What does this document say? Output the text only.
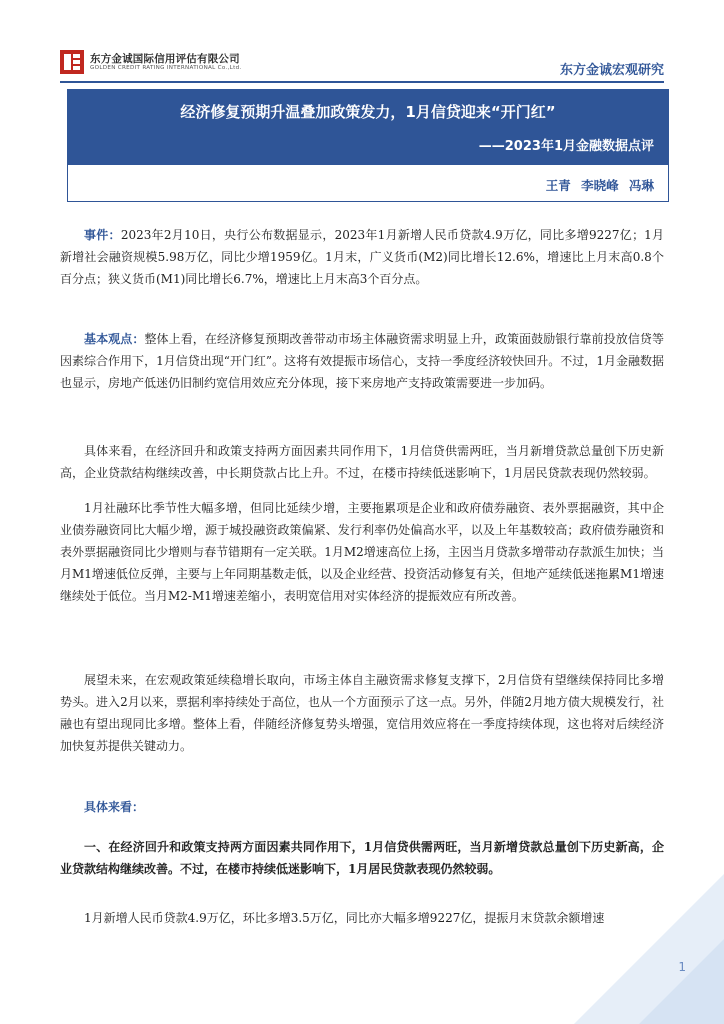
东方金诚国际信用评估有限公司
GOLDEN CREDIT RATING INTERNATIONAL Co.,Ltd.	东方金诚宏观研究
经济修复预期升温叠加政策发力，1月信贷迎来“开门红”
——2023年1月金融数据点评
王青 李晓峰 冯琳

事件：2023年2月10日，央行公布数据显示，2023年1月新增人民币贷款4.9万亿，同比多增9227亿；1月新增社会融资规模5.98万亿，同比少增1959亿。1月末，广义货币(M2)同比增长12.6%，增速比上月末高0.8个百分点；狭义货币(M1)同比增长6.7%，增速比上月末高3个百分点。

基本观点：整体上看，在经济修复预期改善带动市场主体融资需求明显上升，政策面鼓励银行靠前投放信贷等因素综合作用下，1月信贷出现“开门红”。这将有效提振市场信心，支持一季度经济较快回升。不过，1月金融数据也显示，房地产低迷仍旧制约宽信用效应充分体现，接下来房地产支持政策需要进一步加码。

具体来看，在经济回升和政策支持两方面因素共同作用下，1月信贷供需两旺，当月新增贷款总量创下历史新高，企业贷款结构继续改善，中长期贷款占比上升。不过，在楼市持续低迷影响下，1月居民贷款表现仍然较弱。

1月社融环比季节性大幅多增，但同比延续少增，主要拖累项是企业和政府债券融资、表外票据融资，其中企业债券融资同比大幅少增，源于城投融资政策偏紧、发行利率仍处偏高水平，以及上年基数较高；政府债券融资和表外票据融资同比少增则与春节错期有一定关联。1月M2增速高位上扬，主因当月贷款多增带动存款派生加快；当月M1增速低位反弹，主要与上年同期基数走低，以及企业经营、投资活动修复有关，但地产延续低迷拖累M1增速继续处于低位。当月M2-M1增速差缩小，表明宽信用对实体经济的提振效应有所改善。

展望未来，在宏观政策延续稳增长取向，市场主体自主融资需求修复支撑下，2月信贷有望继续保持同比多增势头。进入2月以来，票据利率持续处于高位，也从一个方面预示了这一点。另外，伴随2月地方债大规模发行，社融也有望出现同比多增。整体上看，伴随经济修复势头增强，宽信用效应将在一季度持续体现，这也将对后续经济加快复苏提供关键动力。

具体来看：

一、在经济回升和政策支持两方面因素共同作用下，1月信贷供需两旺，当月新增贷款总量创下历史新高，企业贷款结构继续改善。不过，在楼市持续低迷影响下，1月居民贷款表现仍然较弱。

1月新增人民币贷款4.9万亿，环比多增3.5万亿，同比亦大幅多增9227亿，提振月末贷款余额增速

1
